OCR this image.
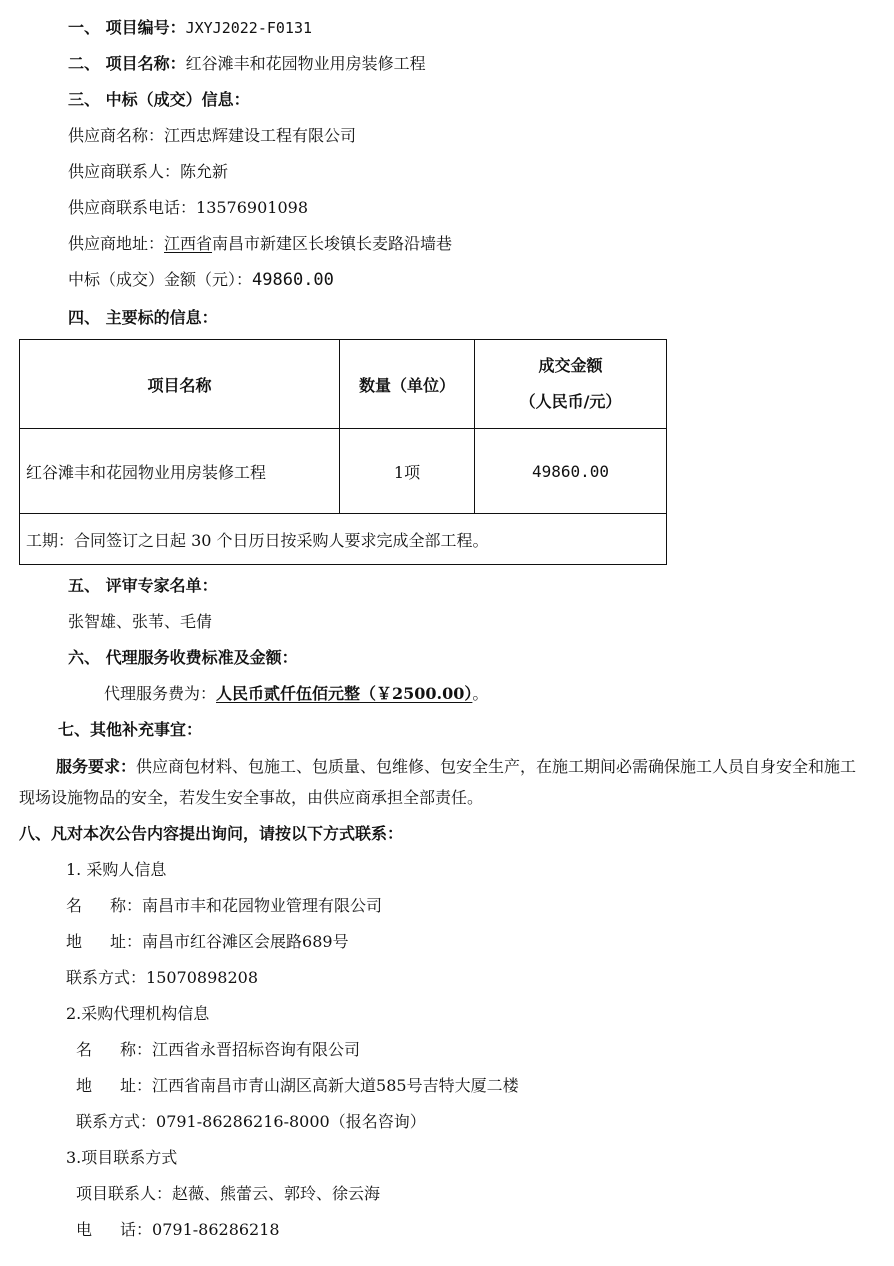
一、 项目编号：JXYJ2022-F0131
二、 项目名称：红谷滩丰和花园物业用房装修工程
三、 中标（成交）信息：
供应商名称：江西忠辉建设工程有限公司
供应商联系人：陈允新
供应商联系电话：13576901098
供应商地址：江西省南昌市新建区长埈镇长麦路沿墙巷
中标（成交）金额（元）：49860.00
四、 主要标的信息：
项目名称	数量（单位）	成交金额
（人民币/元）

红谷滩丰和花园物业用房装修工程	1项	49860.00
工期：合同签订之日起 30 个日历日按采购人要求完成全部工程。		
五、 评审专家名单：
张智雄、张苇、毛倩
六、 代理服务收费标准及金额：
代理服务费为：人民币贰仟伍佰元整（￥2500.00）。
七、其他补充事宜：
服务要求：供应商包材料、包施工、包质量、包维修、包安全生产，在施工期间必需确保施工人员自身安全和施工现场设施物品的安全，若发生安全事故，由供应商承担全部责任。
八、凡对本次公告内容提出询问，请按以下方式联系：
1. 采购人信息
名 称：南昌市丰和花园物业管理有限公司
地 址：南昌市红谷滩区会展路689号
联系方式：15070898208
2.采购代理机构信息
名 称：江西省永晋招标咨询有限公司
地 址：江西省南昌市青山湖区高新大道585号吉特大厦二楼
联系方式：0791-86286216-8000（报名咨询）
3.项目联系方式
项目联系人：赵薇、熊蕾云、郭玲、徐云海
电 话：0791-86286218
